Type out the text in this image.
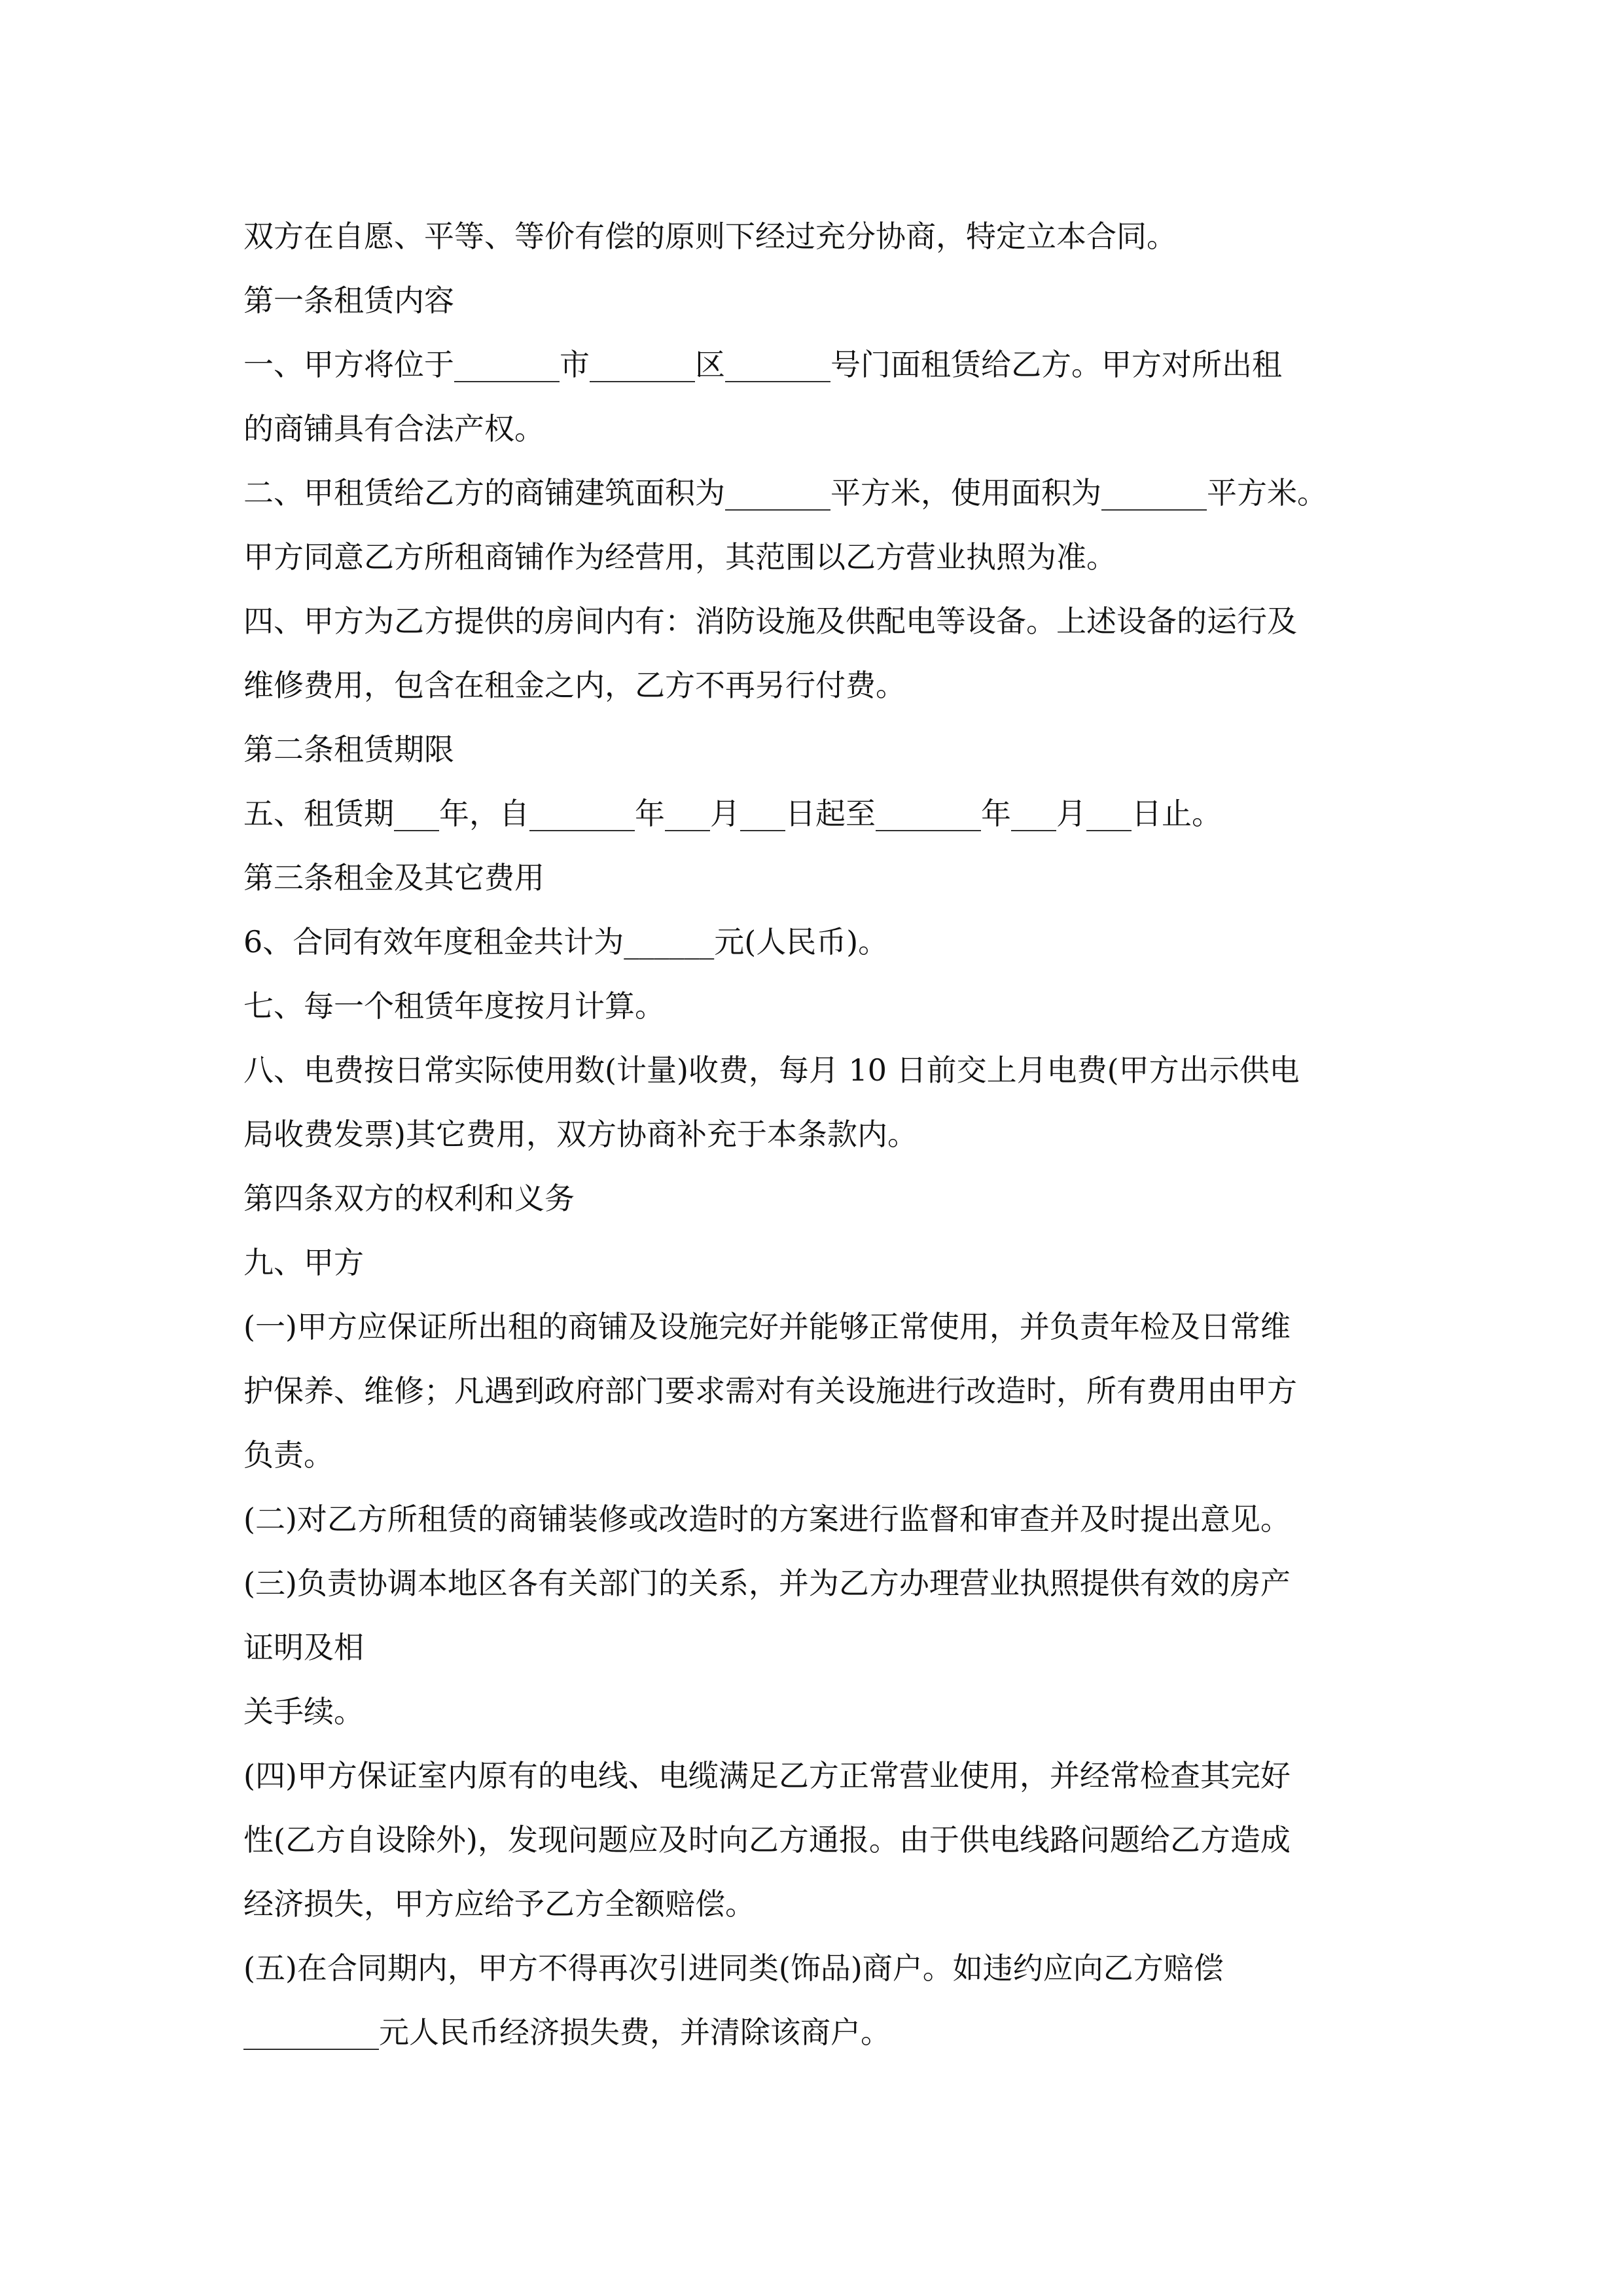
双方在自愿、平等、等价有偿的原则下经过充分协商，特定立本合同。
第一条租赁内容
一、甲方将位于_______市_______区_______号门面租赁给乙方。甲方对所出租
的商铺具有合法产权。
二、甲租赁给乙方的商铺建筑面积为_______平方米，使用面积为_______平方米。
甲方同意乙方所租商铺作为经营用，其范围以乙方营业执照为准。
四、甲方为乙方提供的房间内有：消防设施及供配电等设备。上述设备的运行及
维修费用，包含在租金之内，乙方不再另行付费。
第二条租赁期限
五、租赁期___年，自_______年___月___日起至_______年___月___日止。
第三条租金及其它费用
6、合同有效年度租金共计为______元(人民币)。
七、每一个租赁年度按月计算。
八、电费按日常实际使用数(计量)收费，每月 10 日前交上月电费(甲方出示供电
局收费发票)其它费用，双方协商补充于本条款内。
第四条双方的权利和义务
九、甲方
(一)甲方应保证所出租的商铺及设施完好并能够正常使用，并负责年检及日常维
护保养、维修；凡遇到政府部门要求需对有关设施进行改造时，所有费用由甲方
负责。
(二)对乙方所租赁的商铺装修或改造时的方案进行监督和审查并及时提出意见。
(三)负责协调本地区各有关部门的关系，并为乙方办理营业执照提供有效的房产
证明及相
关手续。
(四)甲方保证室内原有的电线、电缆满足乙方正常营业使用，并经常检查其完好
性(乙方自设除外)，发现问题应及时向乙方通报。由于供电线路问题给乙方造成
经济损失，甲方应给予乙方全额赔偿。
(五)在合同期内，甲方不得再次引进同类(饰品)商户。如违约应向乙方赔偿
_________元人民币经济损失费，并清除该商户。
